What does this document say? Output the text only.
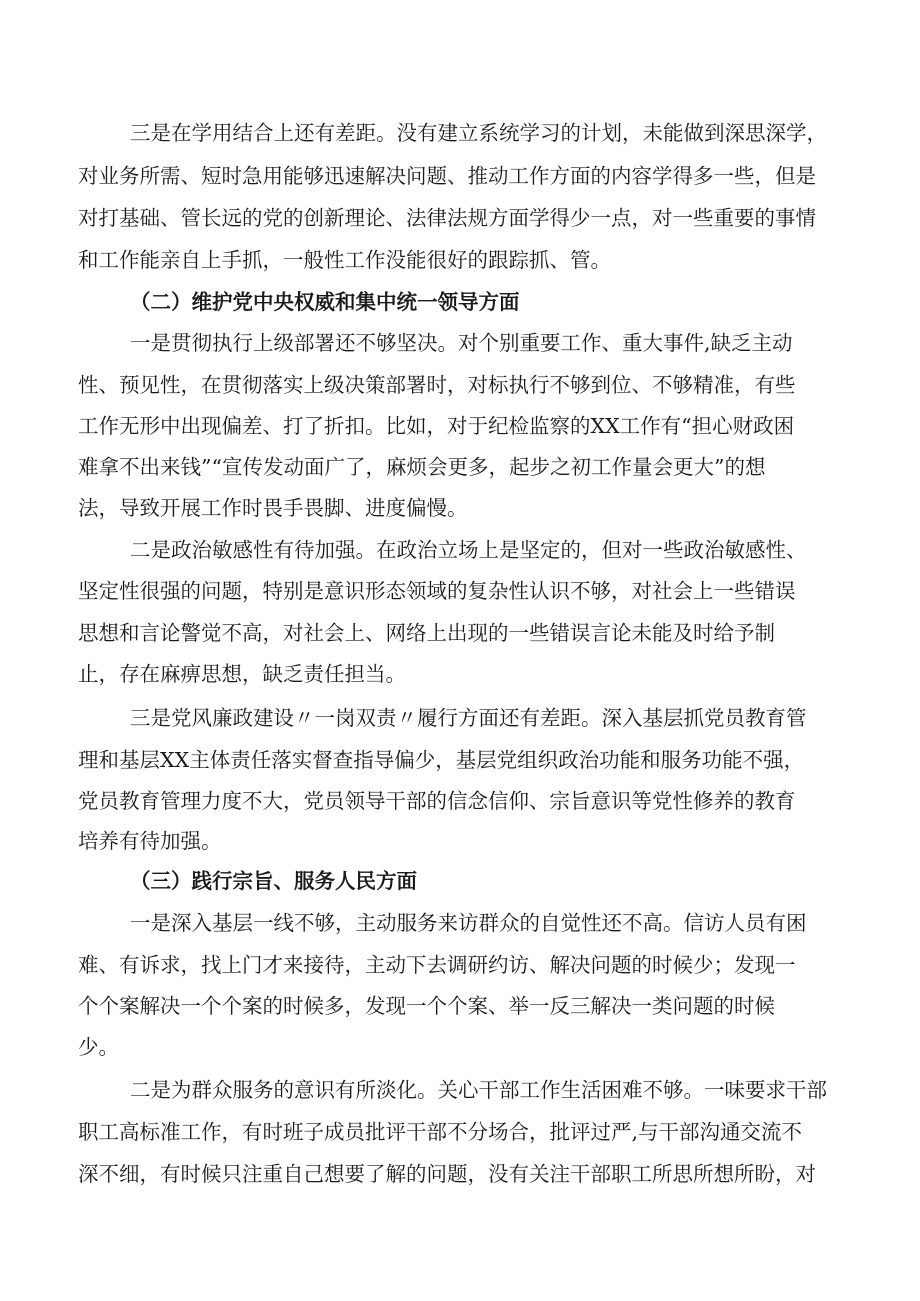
三是在学用结合上还有差距。没有建立系统学习的计划，未能做到深思深学，
对业务所需、短时急用能够迅速解决问题、推动工作方面的内容学得多一些，但是
对打基础、管长远的党的创新理论、法律法规方面学得少一点，对一些重要的事情
和工作能亲自上手抓，一般性工作没能很好的跟踪抓、管。
（二）维护党中央权威和集中统一领导方面
一是贯彻执行上级部署还不够坚决。对个别重要工作、重大事件,缺乏主动
性、预见性，在贯彻落实上级决策部署时，对标执行不够到位、不够精准，有些
工作无形中出现偏差、打了折扣。比如，对于纪检监察的XX工作有“担心财政困
难拿不出来钱”“宣传发动面广了，麻烦会更多，起步之初工作量会更大”的想
法，导致开展工作时畏手畏脚、进度偏慢。
二是政治敏感性有待加强。在政治立场上是坚定的，但对一些政治敏感性、
坚定性很强的问题，特别是意识形态领域的复杂性认识不够，对社会上一些错误
思想和言论警觉不高，对社会上、网络上出现的一些错误言论未能及时给予制
止，存在麻痹思想，缺乏责任担当。
三是党风廉政建设〃一岗双责〃履行方面还有差距。深入基层抓党员教育管
理和基层XX主体责任落实督查指导偏少，基层党组织政治功能和服务功能不强，
党员教育管理力度不大，党员领导干部的信念信仰、宗旨意识等党性修养的教育
培养有待加强。
（三）践行宗旨、服务人民方面
一是深入基层一线不够，主动服务来访群众的自觉性还不高。信访人员有困
难、有诉求，找上门才来接待，主动下去调研约访、解决问题的时候少；发现一
个个案解决一个个案的时候多，发现一个个案、举一反三解决一类问题的时候
少。
二是为群众服务的意识有所淡化。关心干部工作生活困难不够。一味要求干部
职工高标准工作，有时班子成员批评干部不分场合，批评过严,与干部沟通交流不
深不细，有时候只注重自己想要了解的问题，没有关注干部职工所思所想所盼，对
